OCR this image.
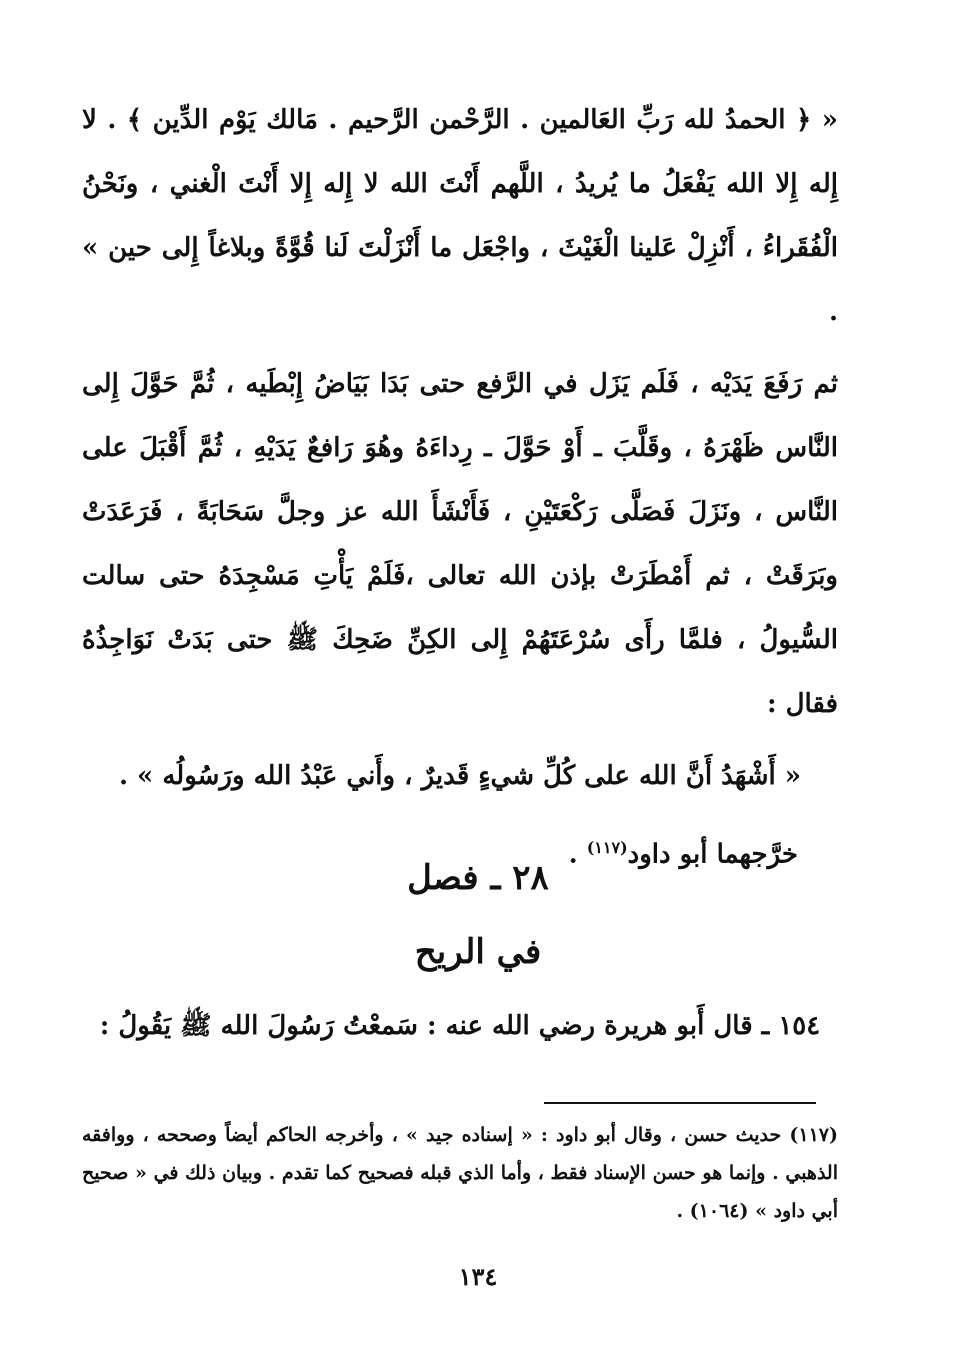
« ﴿ الحمدُ لله رَبِّ العَالمين . الرَّحْمن الرَّحيم . مَالك يَوْم الدِّين ﴾ . لا إِله إِلا الله يَفْعَلُ ما يُريدُ ، اللَّهم أَنْتَ الله لا إِله إِلا أَنْتَ الْغني ، ونَحْنُ الْفُقَراءُ ، أَنْزِلْ عَلينا الْغَيْثَ ، واجْعَل ما أَنْزَلْتَ لَنا قُوَّةً وبلاغاً إِلى حين » .

ثم رَفَعَ يَدَيْه ، فَلَم يَزَل في الرَّفع حتى بَدَا بَيَاضُ إِبْطَيه ، ثُمَّ حَوَّلَ إِلى النَّاس ظَهْرَهُ ، وقَلَّبَ ـ أَوْ حَوَّلَ ـ رِداءَهُ وهُوَ رَافعٌ يَدَيْهِ ، ثُمَّ أَقْبَلَ على النَّاس ، ونَزَلَ فَصَلَّى رَكْعَتَيْنِ ، فَأَنْشَأَ الله عز وجلَّ سَحَابَةً ، فَرَعَدَتْ وبَرَقَتْ ، ثم أَمْطَرَتْ بإذن الله تعالى ،فَلَمْ يَأْتِ مَسْجِدَهُ حتى سالت السُّيولُ ، فلمَّا رأَى سُرْعَتَهُمْ إِلى الكِنِّ ضَحِكَ ﷺ حتى بَدَتْ نَوَاجِذُهُ فقال :

« أَشْهَدُ أَنَّ الله على كُلِّ شيءٍ قَديرٌ ، وأَني عَبْدُ الله ورَسُولُه » .

خرَّجهما أبو داود$^{(١١٧)}$ .

٢٨ ـ فصل
في الريح
١٥٤ ـ قال أَبو هريرة رضي الله عنه : سَمعْتُ رَسُولَ الله ﷺ يَقُولُ :
(١١٧) حديث حسن ، وقال أبو داود : « إسناده جيد » ، وأخرجه الحاكم أيضاً وصححه ، ووافقه الذهبي . وإنما هو حسن الإسناد فقط ، وأما الذي قبله فصحيح كما تقدم . وبيان ذلك في « صحيح أبي داود » (١٠٦٤) .
١٣٤
